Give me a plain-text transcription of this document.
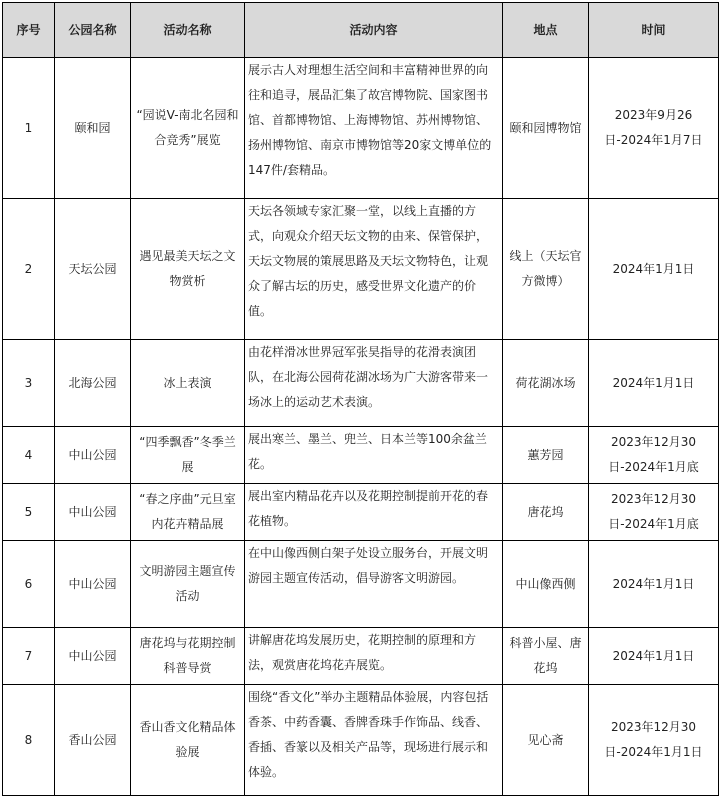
序号	公园名称	活动名称	活动内容	地点	时间
1	颐和园	“园说V-南北名园和合竞秀”展览	展示古人对理想生活空间和丰富精神世界的向往和追寻，展品汇集了故宫博物院、国家图书馆、首都博物馆、上海博物馆、苏州博物馆、扬州博物馆、南京市博物馆等20家文博单位的147件/套精品。	颐和园博物馆	2023年9月26日-2024年1月7日
2	天坛公园	遇见最美天坛之文物赏析	天坛各领域专家汇聚一堂，以线上直播的方式，向观众介绍天坛文物的由来、保管保护，天坛文物展的策展思路及天坛文物特色，让观众了解古坛的历史，感受世界文化遗产的价值。	线上（天坛官方微博）	2024年1月1日
3	北海公园	冰上表演	由花样滑冰世界冠军张昊指导的花滑表演团队，在北海公园荷花湖冰场为广大游客带来一场冰上的运动艺术表演。	荷花湖冰场	2024年1月1日
4	中山公园	“四季飘香”冬季兰展	展出寒兰、墨兰、兜兰、日本兰等100余盆兰花。	蕙芳园	2023年12月30日-2024年1月底
5	中山公园	“春之序曲”元旦室内花卉精品展	展出室内精品花卉以及花期控制提前开花的春花植物。	唐花坞	2023年12月30日-2024年1月底
6	中山公园	文明游园主题宣传活动	在中山像西侧白架子处设立服务台，开展文明游园主题宣传活动，倡导游客文明游园。	中山像西侧	2024年1月1日
7	中山公园	唐花坞与花期控制科普导赏	讲解唐花坞发展历史，花期控制的原理和方法，观赏唐花坞花卉展览。	科普小屋、唐花坞	2024年1月1日
8	香山公园	香山香文化精品体验展	围绕“香文化”举办主题精品体验展，内容包括香茶、中药香囊、香牌香珠手作饰品、线香、香插、香篆以及相关产品等，现场进行展示和体验。	见心斋	2023年12月30日-2024年1月1日
